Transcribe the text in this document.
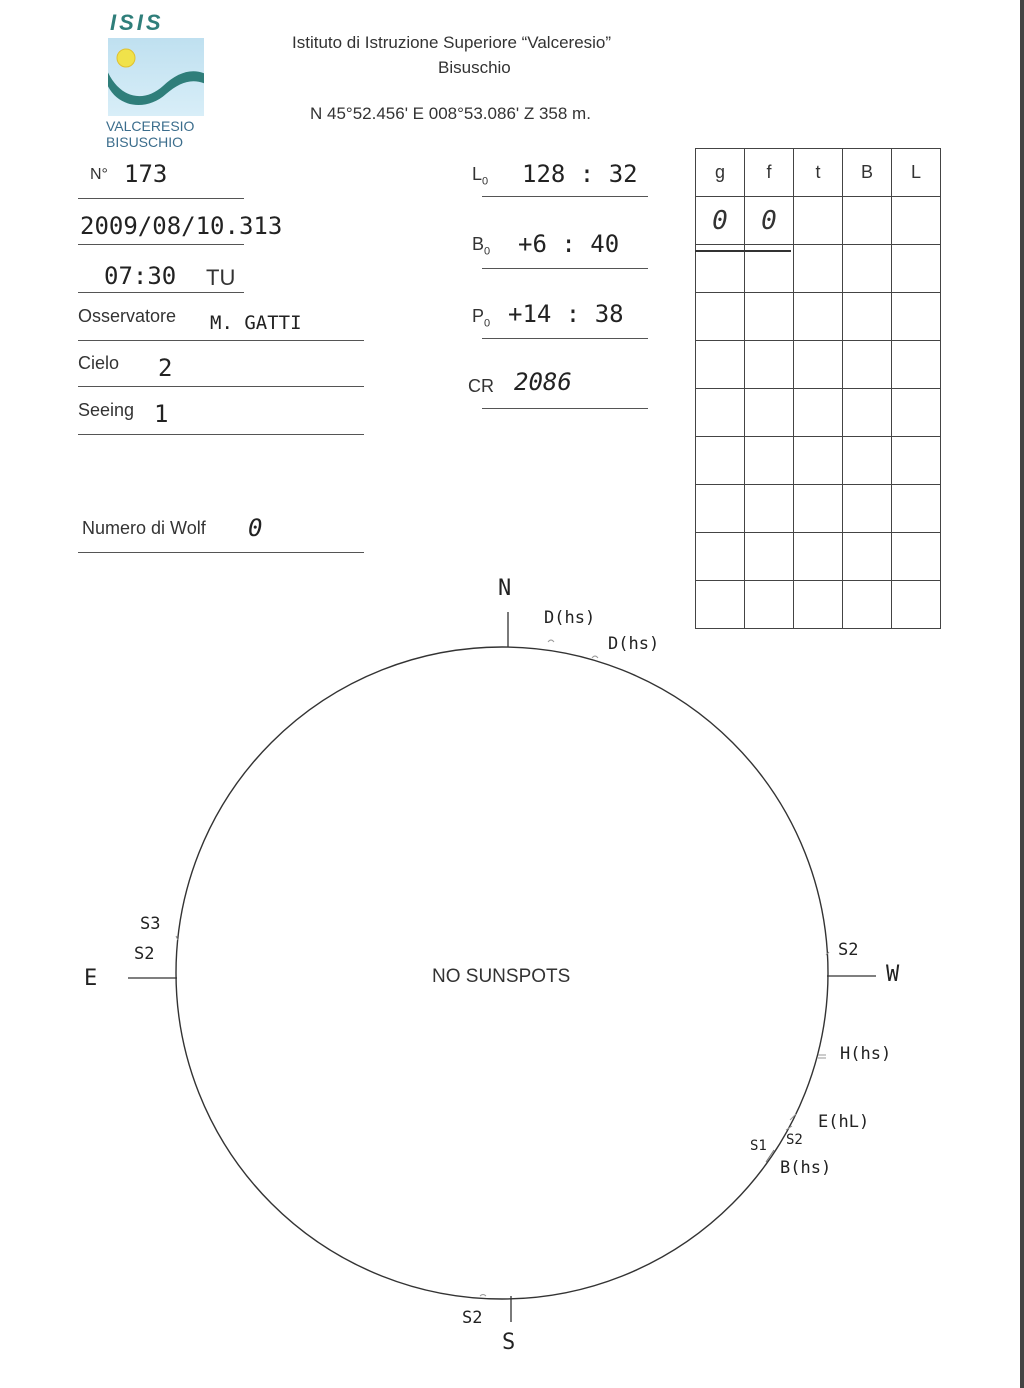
ISIS
VALCERESIO
BISUSCHIO
Istituto di Istruzione Superiore “Valceresio”
Bisuschio
N 45°52.456' E 008°53.086' Z 358 m.
N° 173
2009/08/10.313
07:30 TU
Osservatore M. GATTI
Cielo 2
Seeing 1
Numero di Wolf 0
$L_0$ 128 : 32
$B_0 +6$ : 40
$P_0 +14$ : 38
CR 2086
g	f	t	B	L
0	0			

N
S
E	W
NO SUNSPOTS
D(hs)
D(hs)
S3
S2	S2
H(hs)
E(hL)
S2
S1
B(hs)
S2
